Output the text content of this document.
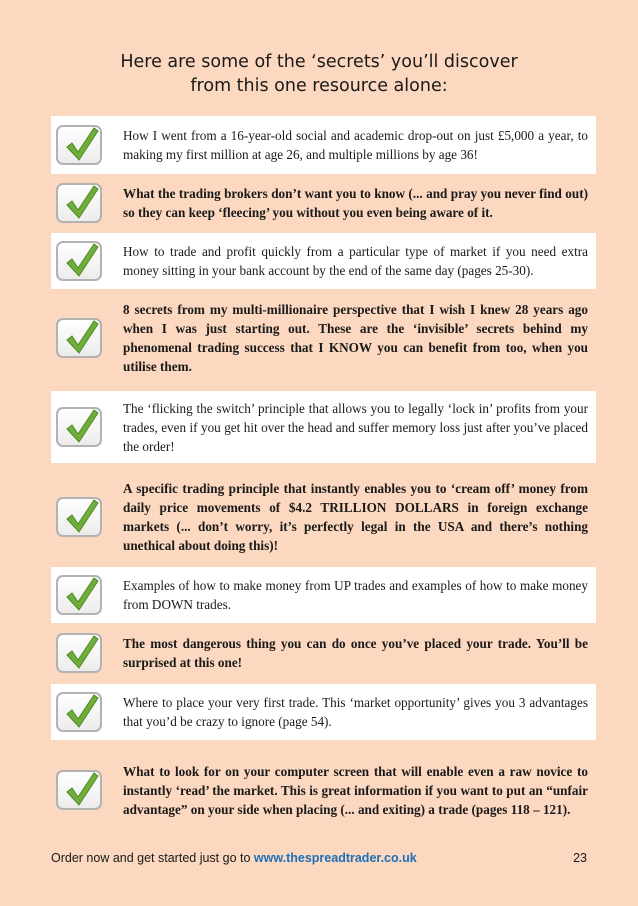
Here are some of the ‘secrets’ you’ll discover
from this one resource alone:
How I went from a 16-year-old social and academic drop-out on just £5,000 a year, to making my first million at age 26, and multiple millions by age 36!
What the trading brokers don’t want you to know (... and pray you never find out) so they can keep ‘fleecing’ you without you even being aware of it.
How to trade and profit quickly from a particular type of market if you need extra money sitting in your bank account by the end of the same day (pages 25-30).
8 secrets from my multi-millionaire perspective that I wish I knew 28 years ago when I was just starting out. These are the ‘invisible’ secrets behind my phenomenal trading success that I KNOW you can benefit from too, when you utilise them.
The ‘flicking the switch’ principle that allows you to legally ‘lock in’ profits from your trades, even if you get hit over the head and suffer memory loss just after you’ve placed the order!
A specific trading principle that instantly enables you to ‘cream off’ money from daily price movements of $4.2 TRILLION DOLLARS in foreign exchange markets (... don’t worry, it’s perfectly legal in the USA and there’s nothing unethical about doing this)!
Examples of how to make money from UP trades and examples of how to make money from DOWN trades.
The most dangerous thing you can do once you’ve placed your trade. You’ll be surprised at this one!
Where to place your very first trade. This ‘market opportunity’ gives you 3 advantages that you’d be crazy to ignore (page 54).
What to look for on your computer screen that will enable even a raw novice to instantly ‘read’ the market. This is great information if you want to put an “unfair advantage” on your side when placing (... and exiting) a trade (pages 118 – 121).
Order now and get started just go to www.thespreadtrader.co.uk	23
